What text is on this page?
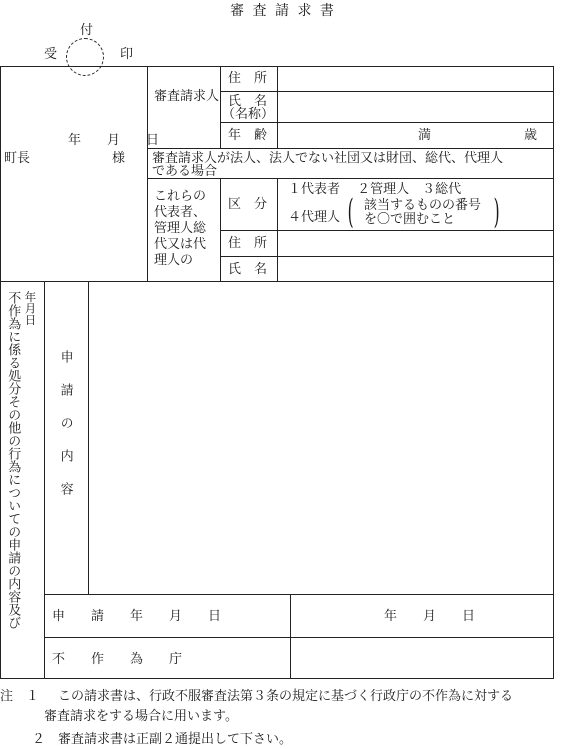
審 査 請 求 書
付
受	印
年　　月　　日
町長	様
審査請求人
住　所
氏　名
（名称）
年　齢	満	歳
審査請求人が法人、法人でない社団又は財団、総代、代理人
である場合
これらの
代表者、
管理人総
代又は代
理人の
区　分
１代表者　 ２管理人　３総代
４代理人 ( 該当するものの番号
を〇で囲むこと )
住　所
氏　名
年月日
不作為に係る処分その他の行為についての申請の内容及び	申請の内容
申　　請　　年　　月　　日	年　　月　　日
不　　作　　為　　庁
注　１ この請求書は、行政不服審査法第３条の規定に基づく行政庁の不作為に対する
審査請求をする場合に用います。
２ 審査請求書は正副２通提出して下さい。
